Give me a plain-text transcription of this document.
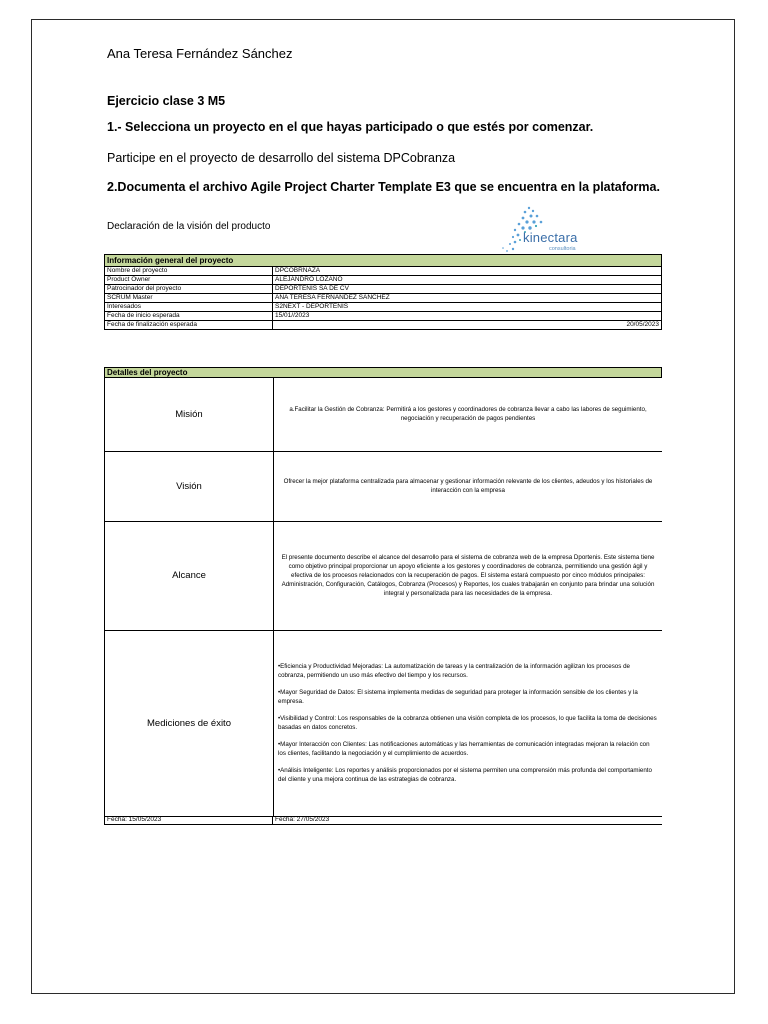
Ana Teresa Fernández Sánchez
Ejercicio clase 3 M5
1.- Selecciona un proyecto en el que hayas participado o que estés por comenzar.
Participe en el proyecto de desarrollo del sistema DPCobranza
2.Documenta el archivo Agile Project Charter Template E3 que se encuentra en la plataforma.
Declaración de la visión del producto
kinectara
consultoria
Información general del proyecto	
Nombre del proyecto	DPCOBRNAZA
Product Owner	ALEJANDRO LOZANO
Patrocinador del proyecto	DEPORTENIS SA DE CV
SCRUM Master	ANA TERESA FERNANDEZ SANCHEZ
Interesados	S2NEXT - DEPORTENIS
Fecha de inicio esperada	15/01//2023
Fecha de finalización esperada	20/05/2023
Detalles del proyecto
Misión	a.Facilitar la Gestión de Cobranza: Permitirá a los gestores y coordinadores de cobranza llevar a cabo las labores de seguimiento, negociación y recuperación de pagos pendientes
Visión	Ofrecer la mejor plataforma centralizada para almacenar y gestionar información relevante de los clientes, adeudos y los historiales de interacción con la empresa
Alcance	El presente documento describe el alcance del desarrollo para el sistema de cobranza web de la empresa Dportenis. Este sistema tiene como objetivo principal proporcionar un apoyo eficiente a los gestores y coordinadores de cobranza, permitiendo una gestión ágil y efectiva de los procesos relacionados con la recuperación de pagos. El sistema estará compuesto por cinco módulos principales: Administración, Configuración, Catálogos, Cobranza (Procesos) y Reportes, los cuales trabajarán en conjunto para brindar una solución integral y personalizada para las necesidades de la empresa.
Mediciones de éxito	•Eficiencia y Productividad Mejoradas: La automatización de tareas y la centralización de la información agilizan los procesos de cobranza, permitiendo un uso más efectivo del tiempo y los recursos.

•Mayor Seguridad de Datos: El sistema implementa medidas de seguridad para proteger la información sensible de los clientes y la empresa.

•Visibilidad y Control: Los responsables de la cobranza obtienen una visión completa de los procesos, lo que facilita la toma de decisiones basadas en datos concretos.

•Mayor Interacción con Clientes: Las notificaciones automáticas y las herramientas de comunicación integradas mejoran la relación con los clientes, facilitando la negociación y el cumplimiento de acuerdos.

•Análisis Inteligente: Los reportes y análisis proporcionados por el sistema permiten una comprensión más profunda del comportamiento del cliente y una mejora continua de las estrategias de cobranza.

Fecha: 15/05/2023	Fecha: 27/05/2023
